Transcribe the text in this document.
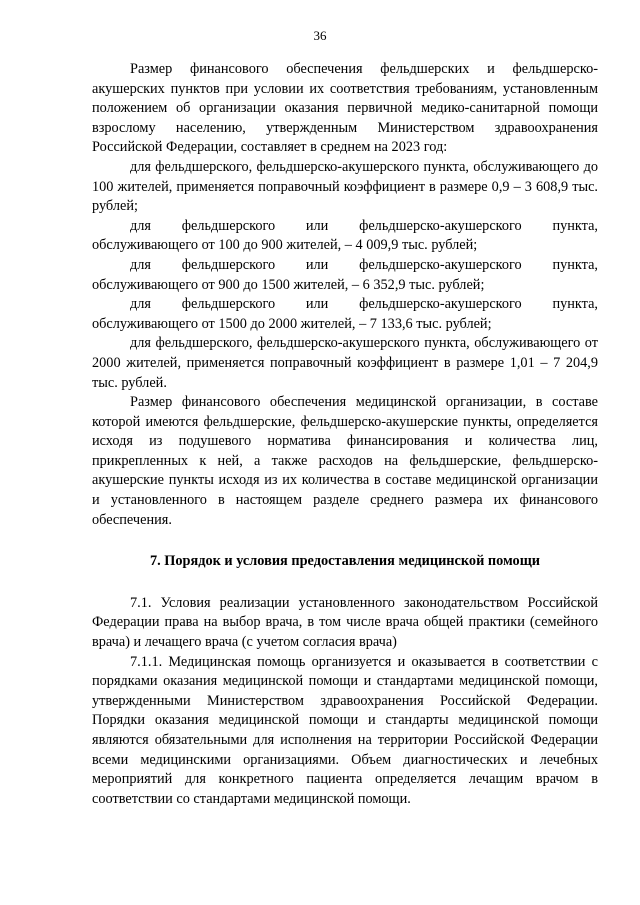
36

Размер финансового обеспечения фельдшерских и фельдшерско-акушерских пунктов при условии их соответствия требованиям, установленным положением об организации оказания первичной медико-санитарной помощи взрослому населению, утвержденным Министерством здравоохранения Российской Федерации, составляет в среднем на 2023 год:

для фельдшерского, фельдшерско-акушерского пункта, обслуживающего до 100 жителей, применяется поправочный коэффициент в размере 0,9 – 3 608,9 тыс. рублей;

для фельдшерского или фельдшерско-акушерского пункта, обслуживающего от 100 до 900 жителей, – 4 009,9 тыс. рублей;

для фельдшерского или фельдшерско-акушерского пункта, обслуживающего от 900 до 1500 жителей, – 6 352,9 тыс. рублей;

для фельдшерского или фельдшерско-акушерского пункта, обслуживающего от 1500 до 2000 жителей, – 7 133,6 тыс. рублей;

для фельдшерского, фельдшерско-акушерского пункта, обслуживающего от 2000 жителей, применяется поправочный коэффициент в размере 1,01 – 7 204,9 тыс. рублей.

Размер финансового обеспечения медицинской организации, в составе которой имеются фельдшерские, фельдшерско-акушерские пункты, определяется исходя из подушевого норматива финансирования и количества лиц, прикрепленных к ней, а также расходов на фельдшерские, фельдшерско-акушерские пункты исходя из их количества в составе медицинской организации и установленного в настоящем разделе среднего размера их финансового обеспечения.

7. Порядок и условия предоставления медицинской помощи

7.1. Условия реализации установленного законодательством Российской Федерации права на выбор врача, в том числе врача общей практики (семейного врача) и лечащего врача (с учетом согласия врача)

7.1.1. Медицинская помощь организуется и оказывается в соответствии с порядками оказания медицинской помощи и стандартами медицинской помощи, утвержденными Министерством здравоохранения Российской Федерации. Порядки оказания медицинской помощи и стандарты медицинской помощи являются обязательными для исполнения на территории Российской Федерации всеми медицинскими организациями. Объем диагностических и лечебных мероприятий для конкретного пациента определяется лечащим врачом в соответствии со стандартами медицинской помощи.
